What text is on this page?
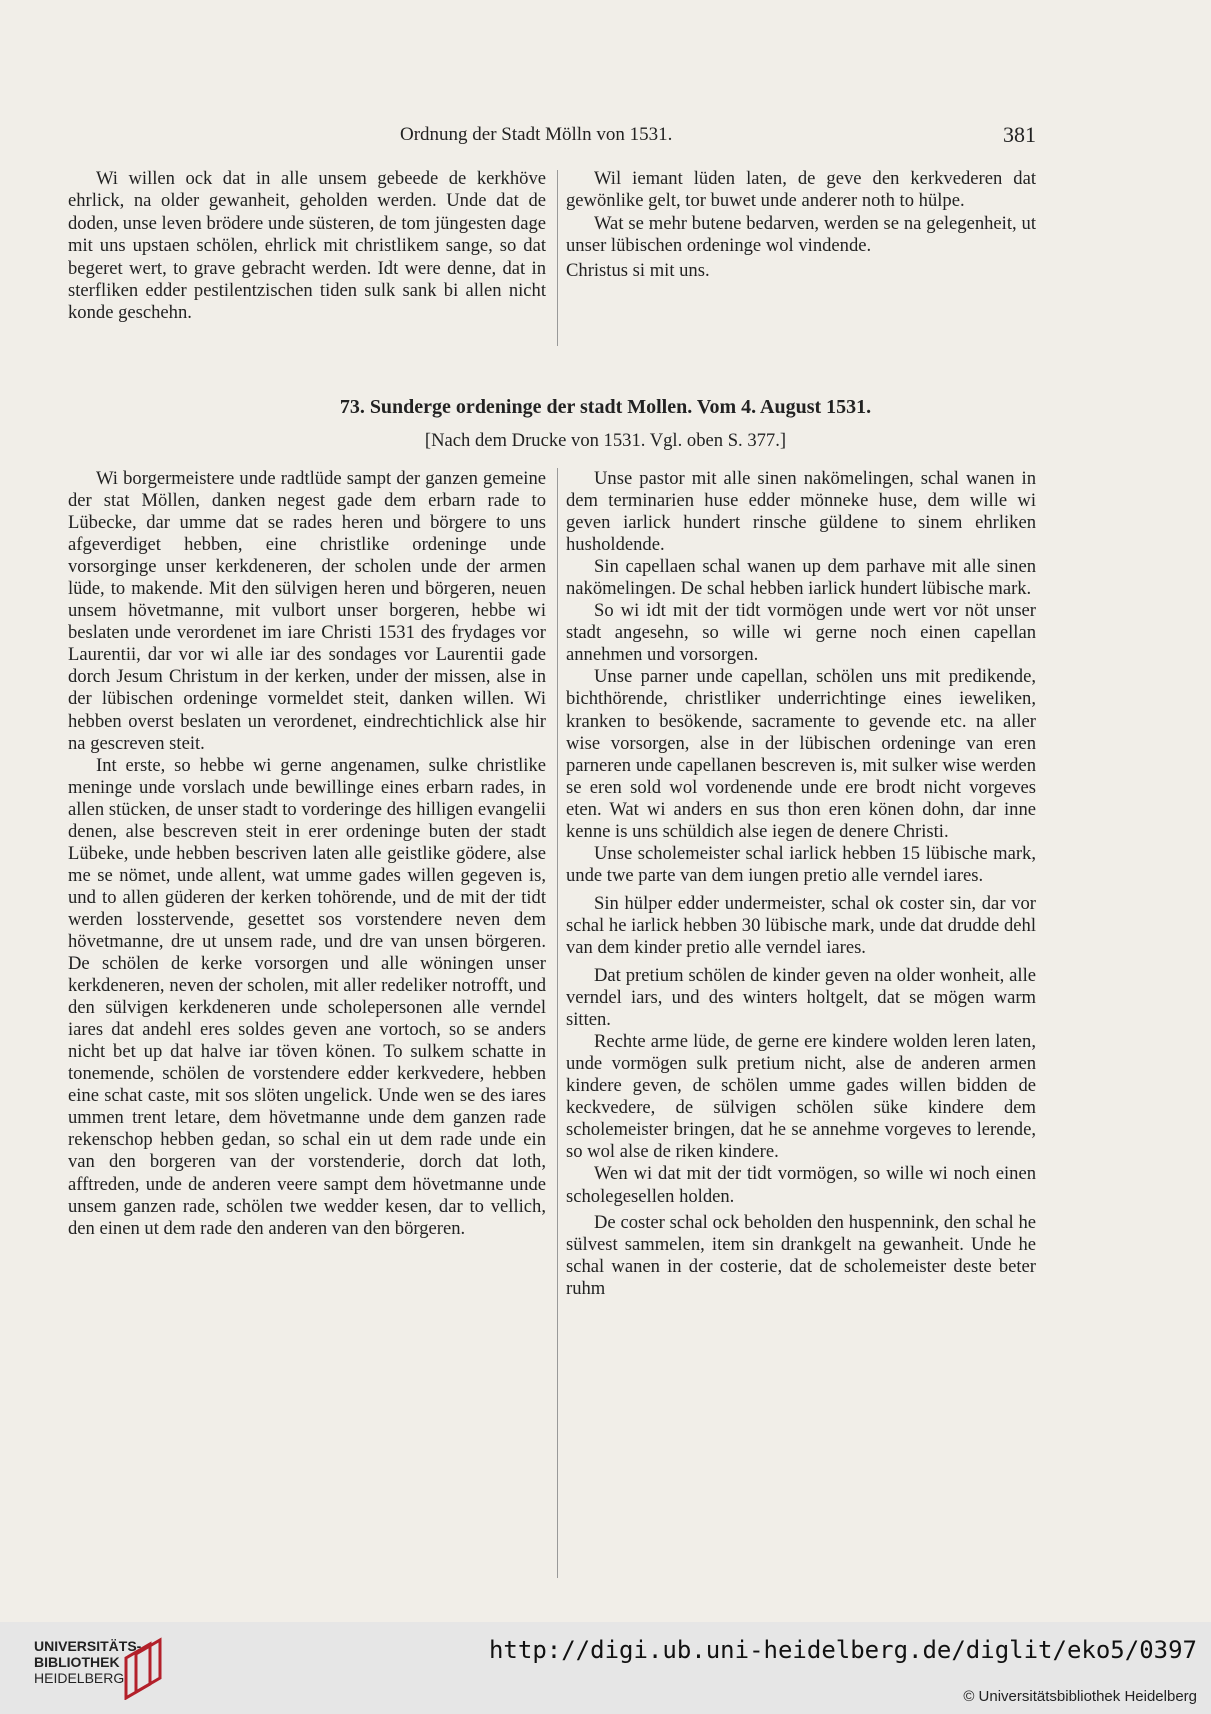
Ordnung der Stadt Mölln von 1531.	381

Wi willen ock dat in alle unsem gebeede de kerkhöve ehrlick, na older gewanheit, geholden werden. Unde dat de doden, unse leven brödere unde süsteren, de tom jüngesten dage mit uns upstaen schölen, ehrlick mit christlikem sange, so dat begeret wert, to grave gebracht werden. Idt were denne, dat in sterfliken edder pestilentzischen tiden sulk sank bi allen nicht konde geschehn.

Wil iemant lüden laten, de geve den kerkvederen dat gewönlike gelt, tor buwet unde anderer noth to hülpe.

Wat se mehr butene bedarven, werden se na gelegenheit, ut unser lübischen ordeninge wol vindende.

Christus si mit uns.

73. Sunderge ordeninge der stadt Mollen. Vom 4. August 1531.
[Nach dem Drucke von 1531. Vgl. oben S. 377.]

Wi borgermeistere unde radtlüde sampt der ganzen gemeine der stat Möllen, danken negest gade dem erbarn rade to Lübecke, dar umme dat se rades heren und börgere to uns afgeverdiget hebben, eine christlike ordeninge unde vorsorginge unser kerkdeneren, der scholen unde der armen lüde, to makende. Mit den sülvigen heren und börgeren, neuen unsem hövetmanne, mit vulbort unser borgeren, hebbe wi beslaten unde verordenet im iare Christi 1531 des frydages vor Laurentii, dar vor wi alle iar des sondages vor Laurentii gade dorch Jesum Christum in der kerken, under der missen, alse in der lübischen ordeninge vormeldet steit, danken willen. Wi hebben overst beslaten un verordenet, eindrechtichlick alse hir na gescreven steit.

Int erste, so hebbe wi gerne angenamen, sulke christlike meninge unde vorslach unde bewillinge eines erbarn rades, in allen stücken, de unser stadt to vorderinge des hilligen evangelii denen, alse bescreven steit in erer ordeninge buten der stadt Lübeke, unde hebben bescriven laten alle geistlike gödere, alse me se nömet, unde allent, wat umme gades willen gegeven is, und to allen güderen der kerken tohörende, und de mit der tidt werden losstervende, gesettet sos vorstendere neven dem hövetmanne, dre ut unsem rade, und dre van unsen börgeren. De schölen de kerke vorsorgen und alle wöningen unser kerkdeneren, neven der scholen, mit aller redeliker notrofft, und den sülvigen kerkdeneren unde scholepersonen alle verndel iares dat andehl eres soldes geven ane vortoch, so se anders nicht bet up dat halve iar töven könen. To sulkem schatte in tonemende, schölen de vorstendere edder kerkvedere, hebben eine schat caste, mit sos slöten ungelick. Unde wen se des iares ummen trent letare, dem hövetmanne unde dem ganzen rade rekenschop hebben gedan, so schal ein ut dem rade unde ein van den borgeren van der vorstenderie, dorch dat loth, afftreden, unde de anderen veere sampt dem hövetmanne unde unsem ganzen rade, schölen twe wedder kesen, dar to vellich, den einen ut dem rade den anderen van den börgeren.

Unse pastor mit alle sinen nakömelingen, schal wanen in dem terminarien huse edder mönneke huse, dem wille wi geven iarlick hundert rinsche güldene to sinem ehrliken husholdende.

Sin capellaen schal wanen up dem parhave mit alle sinen nakömelingen. De schal hebben iarlick hundert lübische mark.

So wi idt mit der tidt vormögen unde wert vor nöt unser stadt angesehn, so wille wi gerne noch einen capellan annehmen und vorsorgen.

Unse parner unde capellan, schölen uns mit predikende, bichthörende, christliker underrichtinge eines ieweliken, kranken to besökende, sacramente to gevende etc. na aller wise vorsorgen, alse in der lübischen ordeninge van eren parneren unde capellanen bescreven is, mit sulker wise werden se eren sold wol vordenende unde ere brodt nicht vorgeves eten. Wat wi anders en sus thon eren könen dohn, dar inne kenne is uns schüldich alse iegen de denere Christi.

Unse scholemeister schal iarlick hebben 15 lübische mark, unde twe parte van dem iungen pretio alle verndel iares.

Sin hülper edder undermeister, schal ok coster sin, dar vor schal he iarlick hebben 30 lübische mark, unde dat drudde dehl van dem kinder pretio alle verndel iares.

Dat pretium schölen de kinder geven na older wonheit, alle verndel iars, und des winters holtgelt, dat se mögen warm sitten.

Rechte arme lüde, de gerne ere kindere wolden leren laten, unde vormögen sulk pretium nicht, alse de anderen armen kindere geven, de schölen umme gades willen bidden de keckvedere, de sülvigen schölen süke kindere dem scholemeister bringen, dat he se annehme vorgeves to lerende, so wol alse de riken kindere.

Wen wi dat mit der tidt vormögen, so wille wi noch einen scholegesellen holden.

De coster schal ock beholden den huspennink, den schal he sülvest sammelen, item sin drankgelt na gewanheit. Unde he schal wanen in der costerie, dat de scholemeister deste beter ruhm

UNIVERSITÄTS-
BIBLIOTHEK
HEIDELBERG
http://digi.ub.uni-heidelberg.de/diglit/eko5/0397
© Universitätsbibliothek Heidelberg
